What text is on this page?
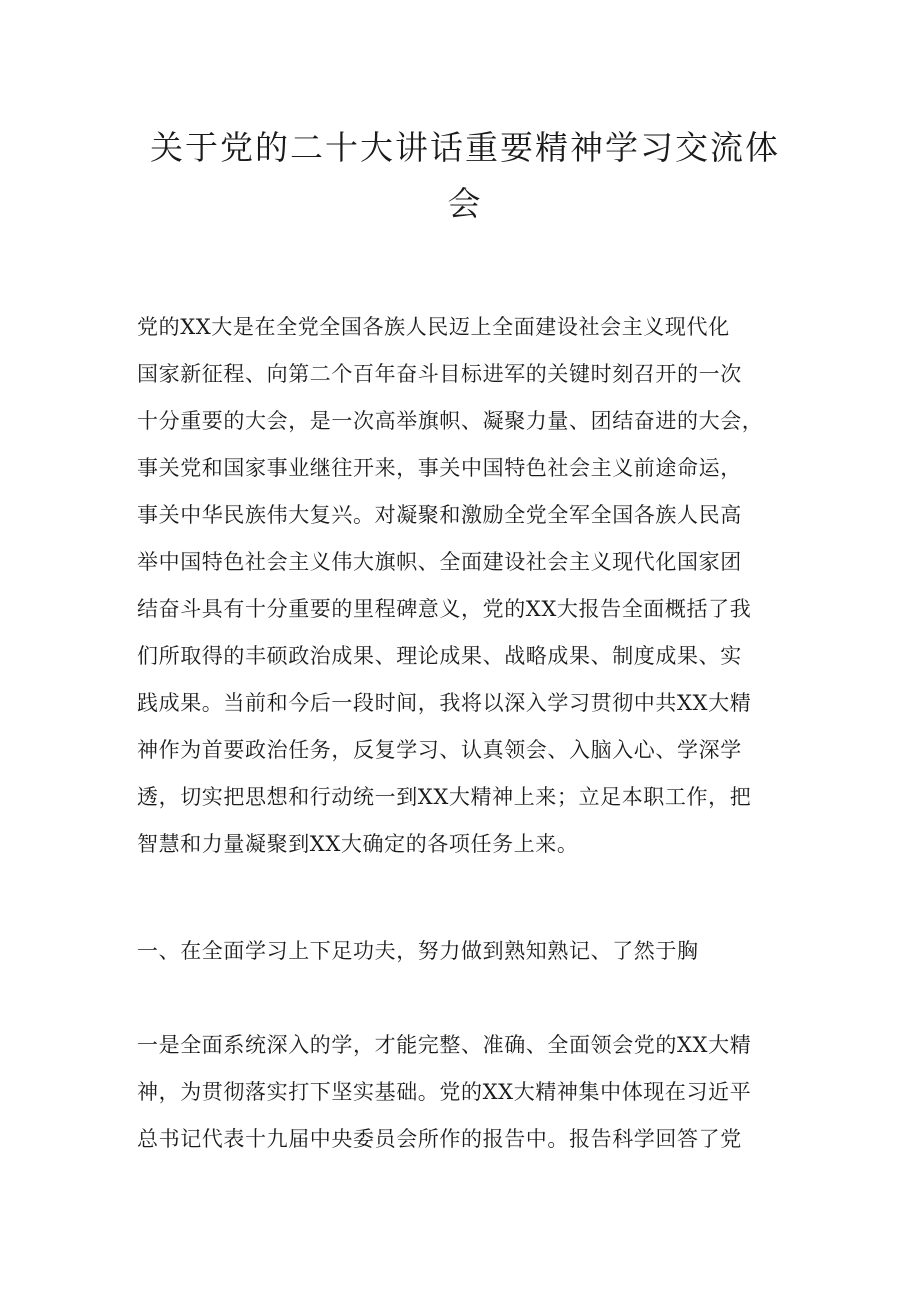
关于党的二十大讲话重要精神学习交流体
会

党的XX大是在全党全国各族人民迈上全面建设社会主义现代化
国家新征程、向第二个百年奋斗目标进军的关键时刻召开的一次
十分重要的大会，是一次高举旗帜、凝聚力量、团结奋进的大会，
事关党和国家事业继往开来，事关中国特色社会主义前途命运，
事关中华民族伟大复兴。对凝聚和激励全党全军全国各族人民高
举中国特色社会主义伟大旗帜、全面建设社会主义现代化国家团
结奋斗具有十分重要的里程碑意义，党的XX大报告全面概括了我
们所取得的丰硕政治成果、理论成果、战略成果、制度成果、实
践成果。当前和今后一段时间，我将以深入学习贯彻中共XX大精
神作为首要政治任务，反复学习、认真领会、入脑入心、学深学
透，切实把思想和行动统一到XX大精神上来；立足本职工作，把
智慧和力量凝聚到XX大确定的各项任务上来。

一、在全面学习上下足功夫，努力做到熟知熟记、了然于胸

一是全面系统深入的学，才能完整、准确、全面领会党的XX大精
神，为贯彻落实打下坚实基础。党的XX大精神集中体现在习近平
总书记代表十九届中央委员会所作的报告中。报告科学回答了党
